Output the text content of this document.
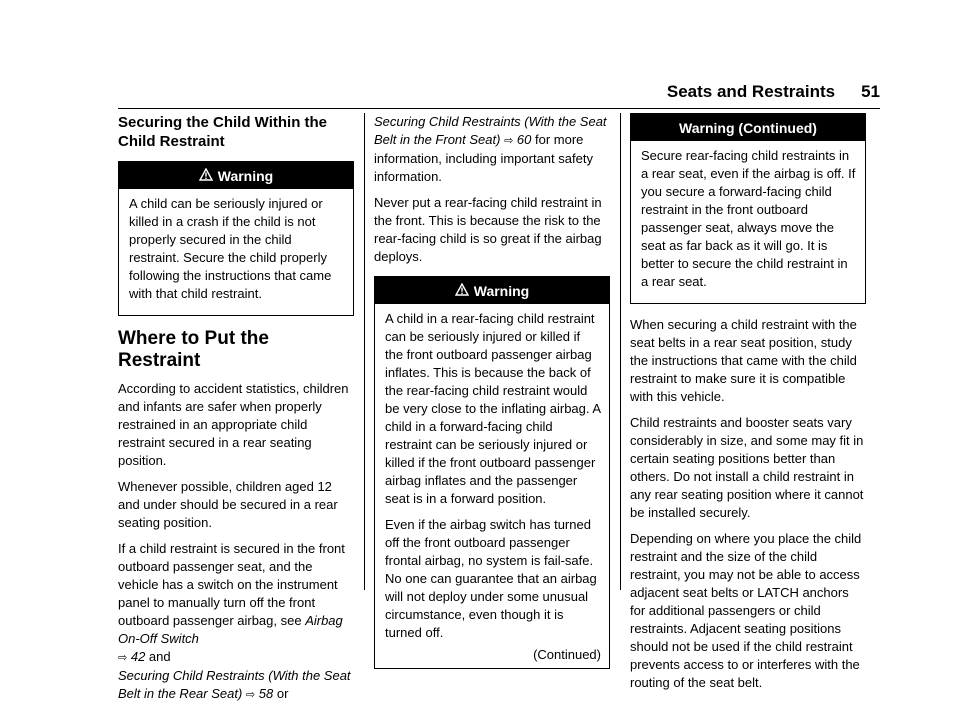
Seats and Restraints 51
Securing the Child Within the Child Restraint
Warning

A child can be seriously injured or killed in a crash if the child is not properly secured in the child restraint. Secure the child properly following the instructions that came with that child restraint.

Where to Put the Restraint

According to accident statistics, children and infants are safer when properly restrained in an appropriate child restraint secured in a rear seating position.

Whenever possible, children aged 12 and under should be secured in a rear seating position.

If a child restraint is secured in the front outboard passenger seat, and the vehicle has a switch on the instrument panel to manually turn off the front outboard passenger airbag, see Airbag On-Off Switch
⇨ 42 and
Securing Child Restraints (With the Seat Belt in the Rear Seat) ⇨ 58 or

Securing Child Restraints (With the Seat Belt in the Front Seat) ⇨ 60 for more information, including important safety information.

Never put a rear-facing child restraint in the front. This is because the risk to the rear-facing child is so great if the airbag deploys.

Warning

A child in a rear-facing child restraint can be seriously injured or killed if the front outboard passenger airbag inflates. This is because the back of the rear-facing child restraint would be very close to the inflating airbag. A child in a forward-facing child restraint can be seriously injured or killed if the front outboard passenger airbag inflates and the passenger seat is in a forward position.

Even if the airbag switch has turned off the front outboard passenger frontal airbag, no system is fail-safe. No one can guarantee that an airbag will not deploy under some unusual circumstance, even though it is turned off.

(Continued)
Warning (Continued)

Secure rear-facing child restraints in a rear seat, even if the airbag is off. If you secure a forward-facing child restraint in the front outboard passenger seat, always move the seat as far back as it will go. It is better to secure the child restraint in a rear seat.

When securing a child restraint with the seat belts in a rear seat position, study the instructions that came with the child restraint to make sure it is compatible with this vehicle.

Child restraints and booster seats vary considerably in size, and some may fit in certain seating positions better than others. Do not install a child restraint in any rear seating position where it cannot be installed securely.

Depending on where you place the child restraint and the size of the child restraint, you may not be able to access adjacent seat belts or LATCH anchors for additional passengers or child restraints. Adjacent seating positions should not be used if the child restraint prevents access to or interferes with the routing of the seat belt.
